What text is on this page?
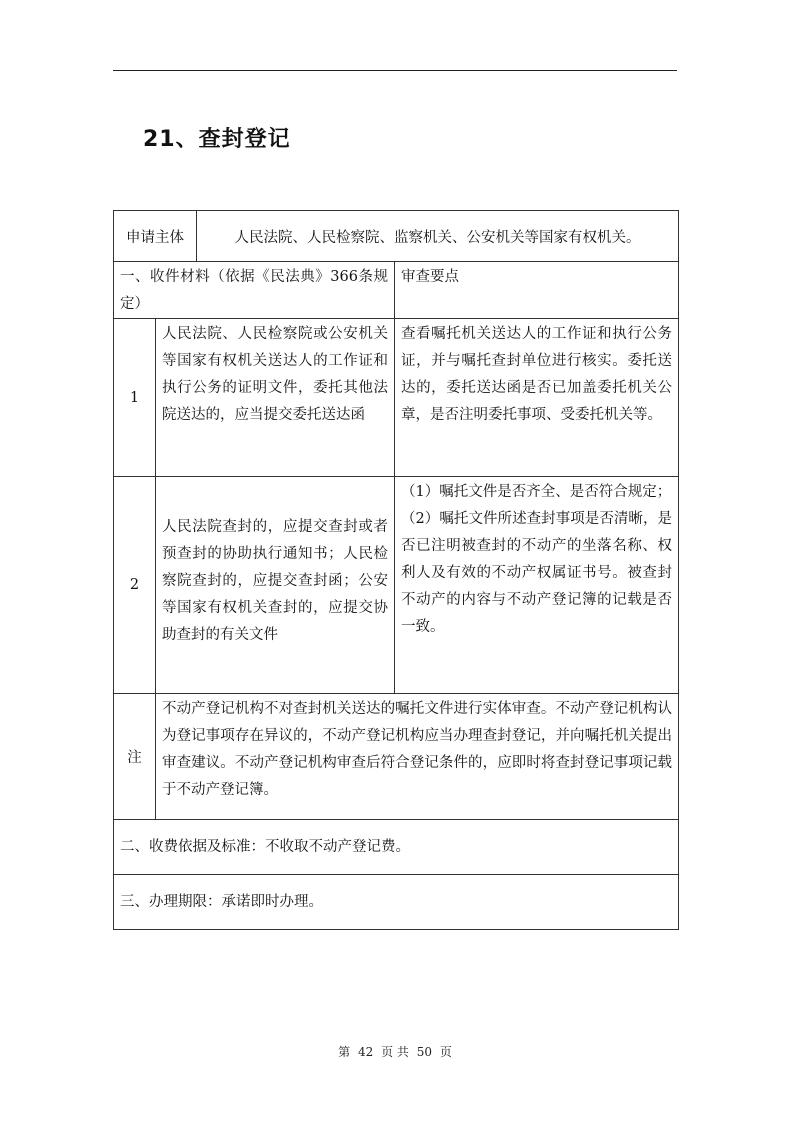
21、查封登记
申请主体		人民法院、人民检察院、监察机关、公安机关等国家有权机关。	

一、收件材料（依据《民法典》366条规定）			审查要点

1	人民法院、人民检察院或公安机关等国家有权机关送达人的工作证和执行公务的证明文件，委托其他法院送达的，应当提交委托送达函		查看嘱托机关送达人的工作证和执行公务证，并与嘱托查封单位进行核实。委托送达的，委托送达函是否已加盖委托机关公章，是否注明委托事项、受委托机关等。

2	人民法院查封的，应提交查封或者预查封的协助执行通知书；人民检察院查封的，应提交查封函；公安等国家有权机关查封的，应提交协助查封的有关文件		（1）嘱托文件是否齐全、是否符合规定；
（2）嘱托文件所述查封事项是否清晰，是否已注明被查封的不动产的坐落名称、权利人及有效的不动产权属证书号。被查封不动产的内容与不动产登记簿的记载是否一致。

注	不动产登记机构不对查封机关送达的嘱托文件进行实体审查。不动产登记机构认为登记事项存在异议的，不动产登记机构应当办理查封登记，并向嘱托机关提出审查建议。不动产登记机构审查后符合登记条件的，应即时将查封登记事项记载于不动产登记簿。		

二、收费依据及标准：不收取不动产登记费。			

三、办理期限：承诺即时办理。			
第 42 页 共 50 页
